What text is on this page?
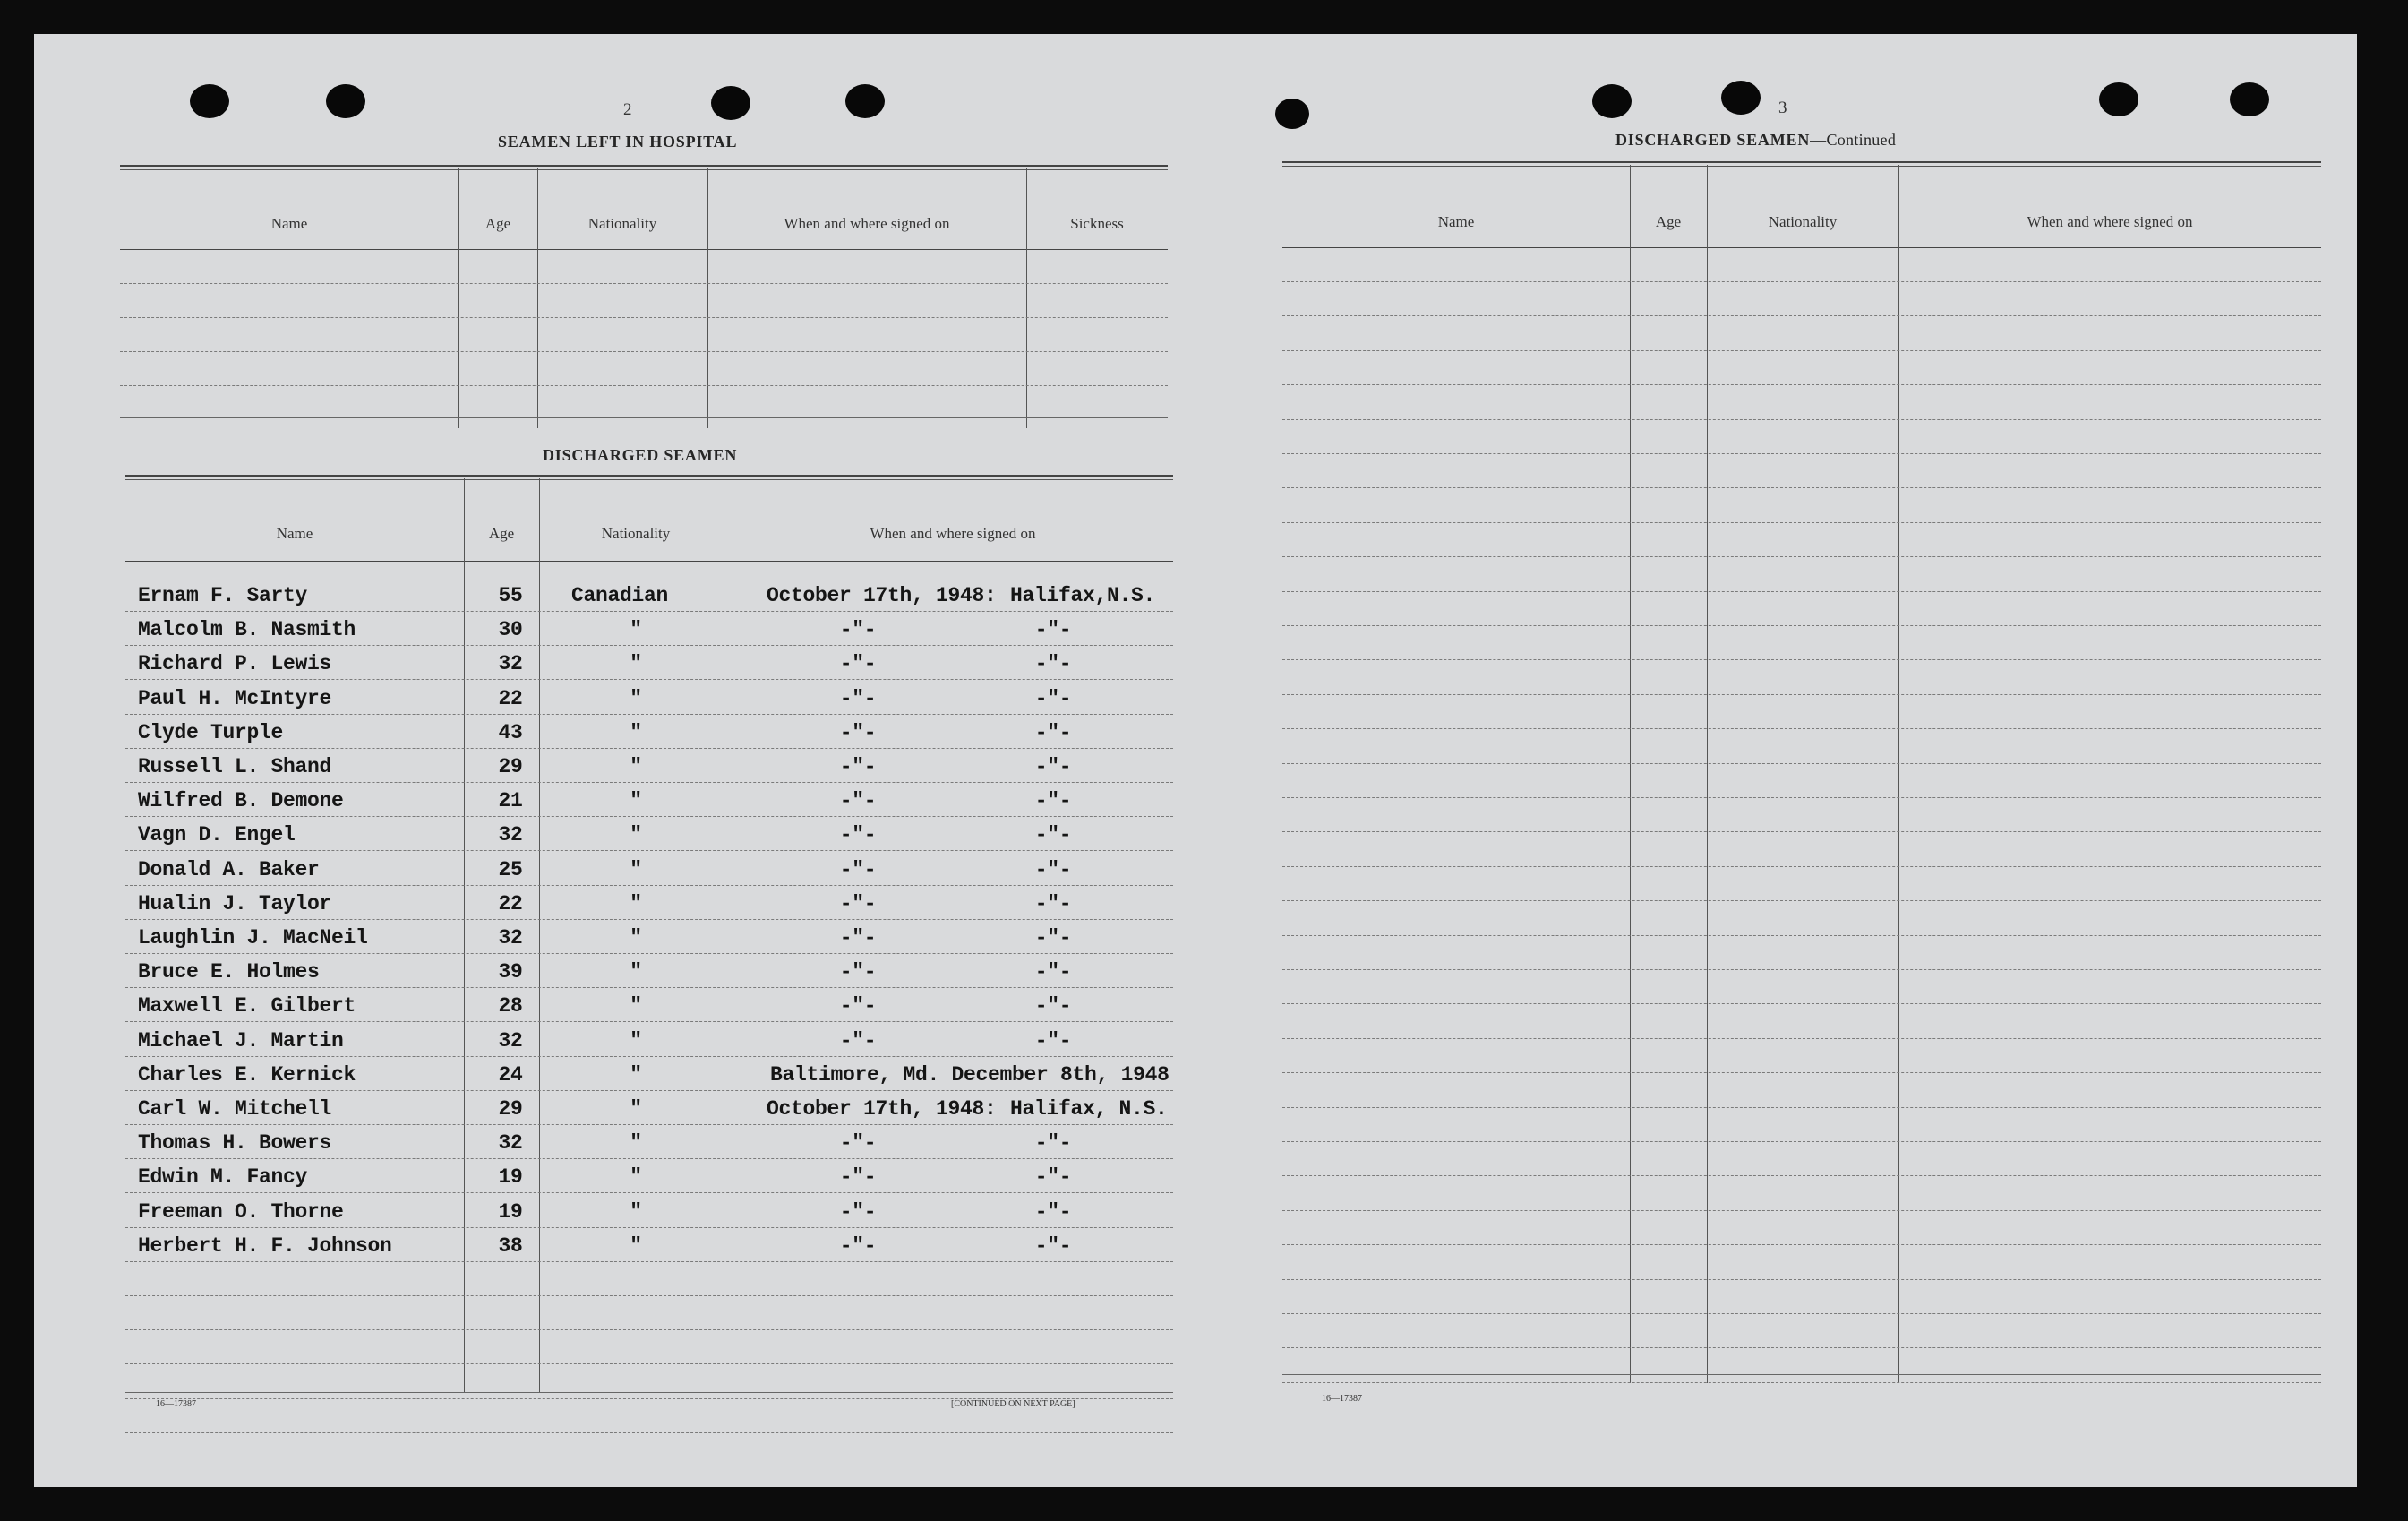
2
SEAMEN LEFT IN HOSPITAL
Name	Age	Nationality	When and where signed on	Sickness
DISCHARGED SEAMEN
Name	Age	Nationality	When and where signed on
Ernam F. Sarty	55	Canadian	October 17th, 1948: Halifax,N.S.
Malcolm B. Nasmith	30	"	-"-	-"-
Richard P. Lewis	32	"	-"-	-"-
Paul H. McIntyre	22	"	-"-	-"-
Clyde Turple	43	"	-"-	-"-
Russell L. Shand	29	"	-"-	-"-
Wilfred B. Demone	21	"	-"-	-"-
Vagn D. Engel	32	"	-"-	-"-
Donald A. Baker	25	"	-"-	-"-
Hualin J. Taylor	22	"	-"-	-"-
Laughlin J. MacNeil	32	"	-"-	-"-
Bruce E. Holmes	39	"	-"-	-"-
Maxwell E. Gilbert	28	"	-"-	-"-
Michael J. Martin	32	"	-"-	-"-
Charles E. Kernick	24	"	Baltimore, Md. December 8th, 1948
Carl W. Mitchell	29	"	October 17th, 1948: Halifax, N.S.
Thomas H. Bowers	32	"	-"-	-"-
Edwin M. Fancy	19	"	-"-	-"-
Freeman O. Thorne	19	"	-"-	-"-
Herbert H. F. Johnson	38	"	-"-	-"-
16—17387	[CONTINUED ON NEXT PAGE]
3
DISCHARGED SEAMEN—Continued
Name	Age	Nationality	When and where signed on
16—17387
